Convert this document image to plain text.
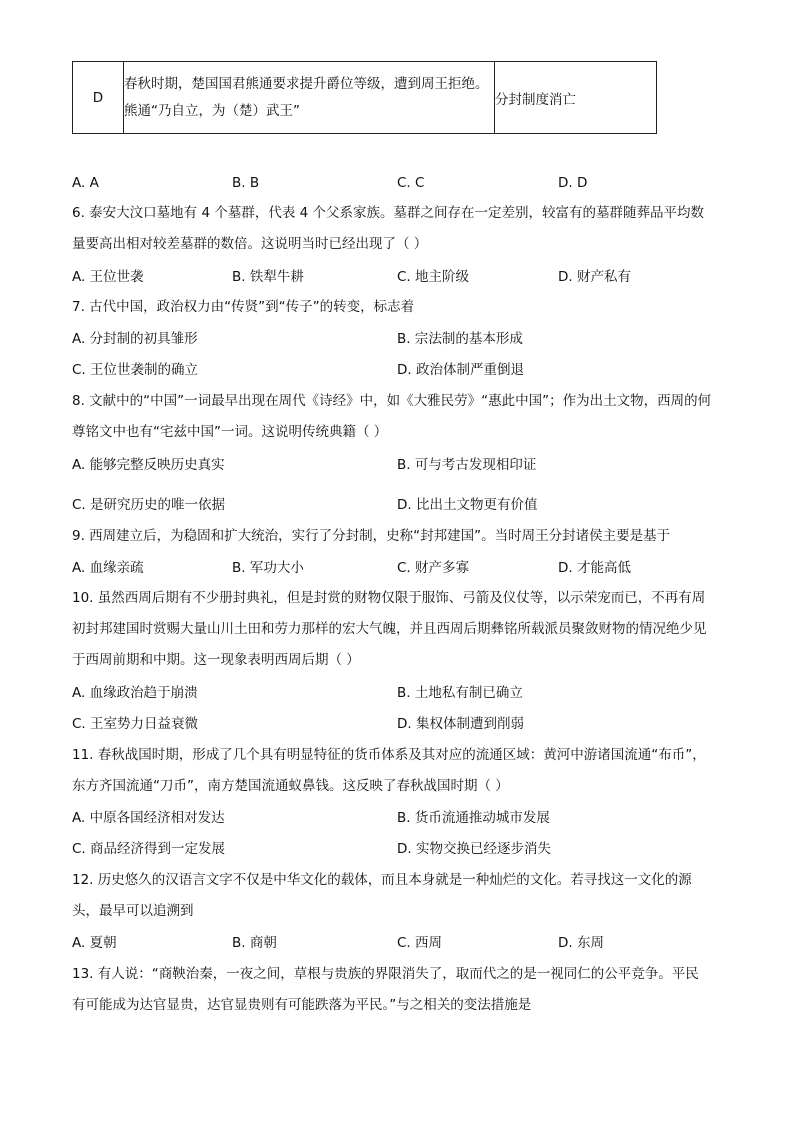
D	春秋时期，楚国国君熊通要求提升爵位等级，遭到周王拒绝。熊通“乃自立，为（楚）武王”	分封制度消亡
A. A	B. B	C. C	D. D
6. 泰安大汶口墓地有 4 个墓群，代表 4 个父系家族。墓群之间存在一定差别，较富有的墓群随葬品平均数量要高出相对较差墓群的数倍。这说明当时已经出现了（ ）
A. 王位世袭	B. 铁犁牛耕	C. 地主阶级	D. 财产私有
7. 古代中国，政治权力由“传贤”到“传子”的转变，标志着
A. 分封制的初具雏形	B. 宗法制的基本形成
C. 王位世袭制的确立	D. 政治体制严重倒退
8. 文献中的“中国”一词最早出现在周代《诗经》中，如《大雅民劳》“惠此中国”；作为出土文物，西周的何尊铭文中也有“宅兹中国”一词。这说明传统典籍（ ）
A. 能够完整反映历史真实	B. 可与考古发现相印证
C. 是研究历史的唯一依据	D. 比出土文物更有价值
9. 西周建立后，为稳固和扩大统治，实行了分封制，史称“封邦建国”。当时周王分封诸侯主要是基于
A. 血缘亲疏	B. 军功大小	C. 财产多寡	D. 才能高低
10. 虽然西周后期有不少册封典礼，但是封赏的财物仅限于服饰、弓箭及仪仗等，以示荣宠而已，不再有周初封邦建国时赏赐大量山川土田和劳力那样的宏大气魄，并且西周后期彝铭所载派员聚敛财物的情况绝少见于西周前期和中期。这一现象表明西周后期（ ）
A. 血缘政治趋于崩溃	B. 土地私有制已确立
C. 王室势力日益衰微	D. 集权体制遭到削弱
11. 春秋战国时期，形成了几个具有明显特征的货币体系及其对应的流通区域：黄河中游诸国流通“布币”，东方齐国流通“刀币”，南方楚国流通蚁鼻钱。这反映了春秋战国时期（ ）
A. 中原各国经济相对发达	B. 货币流通推动城市发展
C. 商品经济得到一定发展	D. 实物交换已经逐步消失
12. 历史悠久的汉语言文字不仅是中华文化的载体，而且本身就是一种灿烂的文化。若寻找这一文化的源头，最早可以追溯到
A. 夏朝	B. 商朝	C. 西周	D. 东周
13. 有人说：“商鞅治秦，一夜之间，草根与贵族的界限消失了，取而代之的是一视同仁的公平竞争。平民有可能成为达官显贵，达官显贵则有可能跌落为平民。”与之相关的变法措施是
